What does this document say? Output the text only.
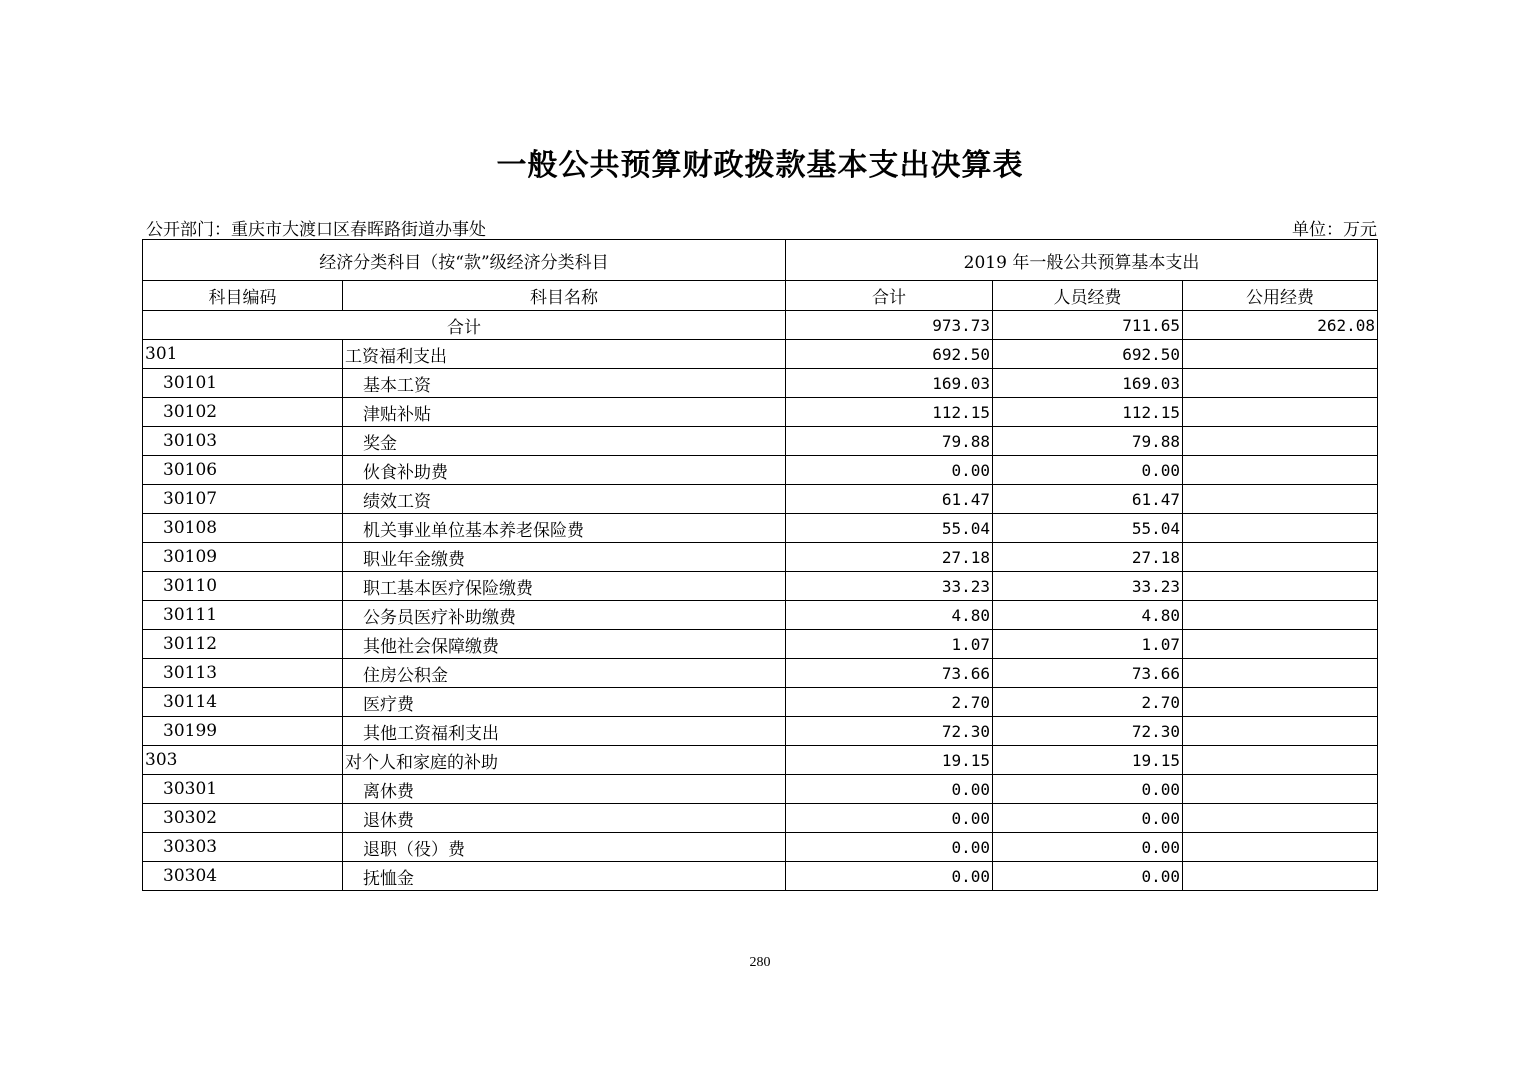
一般公共预算财政拨款基本支出决算表
公开部门：重庆市大渡口区春晖路街道办事处	单位：万元
经济分类科目（按“款”级经济分类科目		2019 年一般公共预算基本支出		
科目编码	科目名称	合计	人员经费	公用经费
合计		973.73	711.65	262.08
301	工资福利支出	692.50	692.50	
30101	基本工资	169.03	169.03	
30102	津贴补贴	112.15	112.15	
30103	奖金	79.88	79.88	
30106	伙食补助费	0.00	0.00	
30107	绩效工资	61.47	61.47	
30108	机关事业单位基本养老保险费	55.04	55.04	
30109	职业年金缴费	27.18	27.18	
30110	职工基本医疗保险缴费	33.23	33.23	
30111	公务员医疗补助缴费	4.80	4.80	
30112	其他社会保障缴费	1.07	1.07	
30113	住房公积金	73.66	73.66	
30114	医疗费	2.70	2.70	
30199	其他工资福利支出	72.30	72.30	
303	对个人和家庭的补助	19.15	19.15	
30301	离休费	0.00	0.00	
30302	退休费	0.00	0.00	
30303	退职（役）费	0.00	0.00	
30304	抚恤金	0.00	0.00	
280
